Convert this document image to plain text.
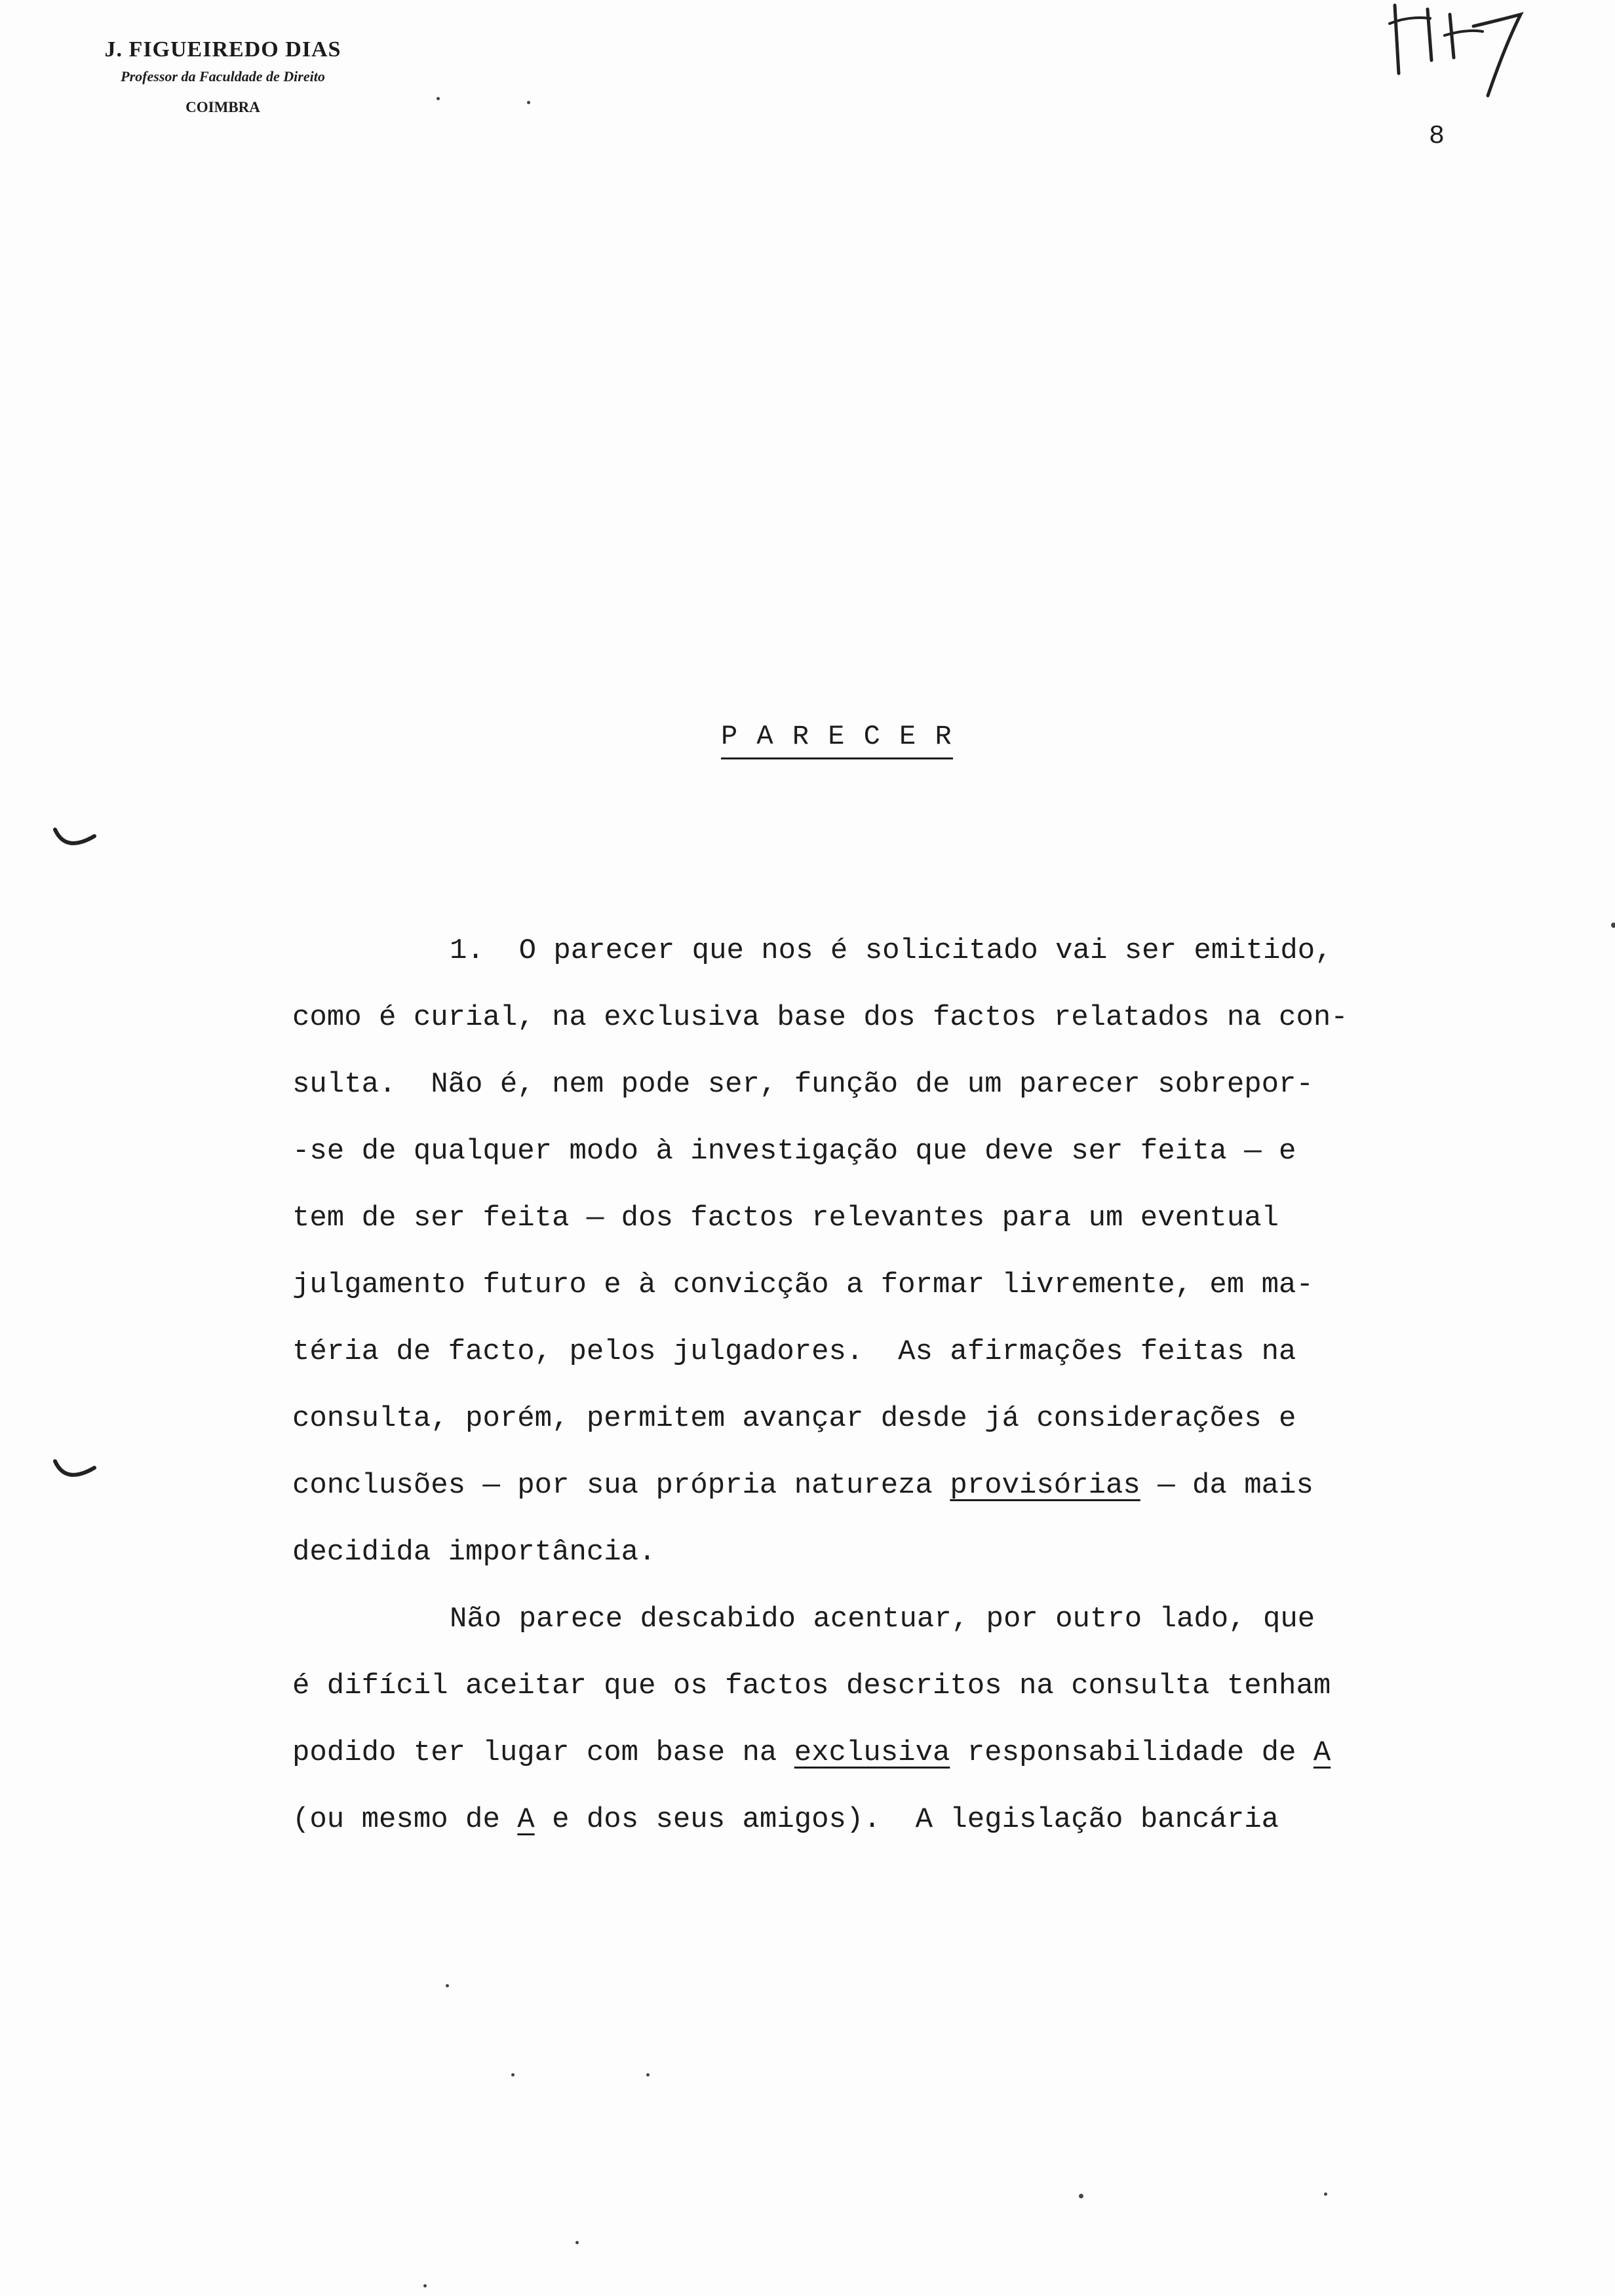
J. FIGUEIREDO DIAS
Professor da Faculdade de Direito
COIMBRA
8
P A R E C E R
1.  O parecer que nos é solicitado vai ser emitido,
como é curial, na exclusiva base dos factos relatados na con-
sulta.  Não é, nem pode ser, função de um parecer sobrepor-
-se de qualquer modo à investigação que deve ser feita — e
tem de ser feita — dos factos relevantes para um eventual
julgamento futuro e à convicção a formar livremente, em ma-
téria de facto, pelos julgadores.  As afirmações feitas na
consulta, porém, permitem avançar desde já considerações e
conclusões — por sua própria natureza provisórias — da mais
decidida importância.
Não parece descabido acentuar, por outro lado, que
é difícil aceitar que os factos descritos na consulta tenham
podido ter lugar com base na exclusiva responsabilidade de A
(ou mesmo de A e dos seus amigos).  A legislação bancária
